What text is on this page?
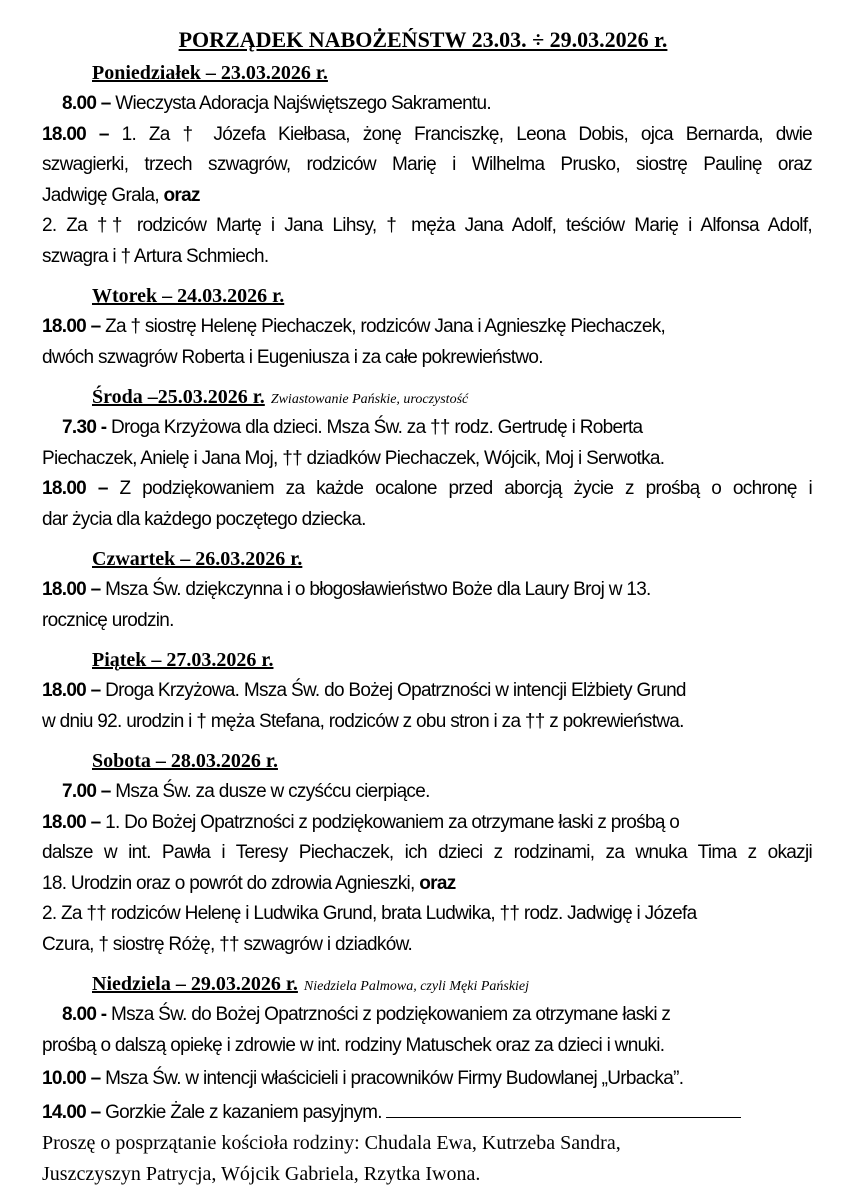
PORZĄDEK NABOŻEŃSTW 23.03. ÷ 29.03.2026 r.
Poniedziałek – 23.03.2026 r.
8.00 – Wieczysta Adoracja Najświętszego Sakramentu.
18.00 – 1. Za † Józefa Kiełbasa, żonę Franciszkę, Leona Dobis, ojca Bernarda, dwie
szwagierki, trzech szwagrów, rodziców Marię i Wilhelma Prusko, siostrę Paulinę oraz
Jadwigę Grala, oraz
2. Za †† rodziców Martę i Jana Lihsy, † męża Jana Adolf, teściów Marię i Alfonsa Adolf,
szwagra i † Artura Schmiech.
Wtorek – 24.03.2026 r.
18.00 – Za † siostrę Helenę Piechaczek, rodziców Jana i Agnieszkę Piechaczek,
dwóch szwagrów Roberta i Eugeniusza i za całe pokrewieństwo.
Środa –25.03.2026 r. Zwiastowanie Pańskie, uroczystość
7.30 - Droga Krzyżowa dla dzieci. Msza Św. za †† rodz. Gertrudę i Roberta
Piechaczek, Anielę i Jana Moj, †† dziadków Piechaczek, Wójcik, Moj i Serwotka.
18.00 – Z podziękowaniem za każde ocalone przed aborcją życie z prośbą o ochronę i
dar życia dla każdego poczętego dziecka.
Czwartek – 26.03.2026 r.
18.00 – Msza Św. dziękczynna i o błogosławieństwo Boże dla Laury Broj w 13.
rocznicę urodzin.
Piątek – 27.03.2026 r.
18.00 – Droga Krzyżowa. Msza Św. do Bożej Opatrzności w intencji Elżbiety Grund
w dniu 92. urodzin i † męża Stefana, rodziców z obu stron i za †† z pokrewieństwa.
Sobota – 28.03.2026 r.
7.00 – Msza Św. za dusze w czyśćcu cierpiące.
18.00 – 1. Do Bożej Opatrzności z podziękowaniem za otrzymane łaski z prośbą o
dalsze w int. Pawła i Teresy Piechaczek, ich dzieci z rodzinami, za wnuka Tima z okazji
18. Urodzin oraz o powrót do zdrowia Agnieszki, oraz
2. Za †† rodziców Helenę i Ludwika Grund, brata Ludwika, †† rodz. Jadwigę i Józefa
Czura, † siostrę Różę, †† szwagrów i dziadków.
Niedziela – 29.03.2026 r. Niedziela Palmowa, czyli Męki Pańskiej
8.00 - Msza Św. do Bożej Opatrzności z podziękowaniem za otrzymane łaski z
prośbą o dalszą opiekę i zdrowie w int. rodziny Matuschek oraz za dzieci i wnuki.
10.00 – Msza Św. w intencji właścicieli i pracowników Firmy Budowlanej „Urbacka”.
14.00 – Gorzkie Żale z kazaniem pasyjnym.
Proszę o posprzątanie kościoła rodziny: Chudala Ewa, Kutrzeba Sandra,
Juszczyszyn Patrycja, Wójcik Gabriela, Rzytka Iwona.
